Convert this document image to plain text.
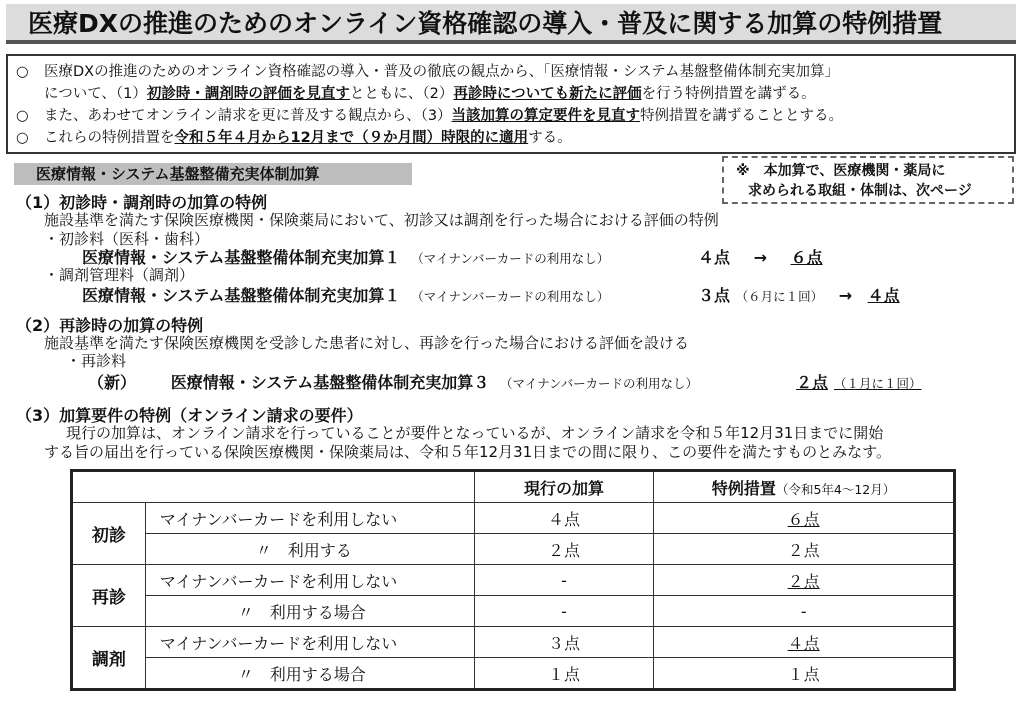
医療DXの推進のためのオンライン資格確認の導入・普及に関する加算の特例措置
○ 医療DXの推進のためのオンライン資格確認の導入・普及の徹底の観点から、「医療情報・システム基盤整備体制充実加算」
について、（1）初診時・調剤時の評価を見直すとともに、（2）再診時についても新たに評価を行う特例措置を講ずる。
○ また、あわせてオンライン請求を更に普及する観点から、（3）当該加算の算定要件を見直す特例措置を講ずることとする。
○ これらの特例措置を令和５年４月から12月まで（９か月間）時限的に適用する。
医療情報・システム基盤整備充実体制加算	※　本加算で、医療機関・薬局に
求められる取組・体制は、次ページ
（1）初診時・調剤時の加算の特例
施設基準を満たす保険医療機関・保険薬局において、初診又は調剤を行った場合における評価の特例
・初診料（医科・歯科）
医療情報・システム基盤整備体制充実加算１ （マイナンバーカードの利用なし）	４点 → ６点
・調剤管理料（調剤）
医療情報・システム基盤整備体制充実加算１ （マイナンバーカードの利用なし）	３点 （６月に１回） → ４点
（2）再診時の加算の特例
施設基準を満たす保険医療機関を受診した患者に対し、再診を行った場合における評価を設ける
・再診料
（新） 医療情報・システム基盤整備体制充実加算３ （マイナンバーカードの利用なし）	２点 （１月に１回）
（3）加算要件の特例（オンライン請求の要件）
現行の加算は、オンライン請求を行っていることが要件となっているが、オンライン請求を令和５年12月31日までに開始
する旨の届出を行っている保険医療機関・保険薬局は、令和５年12月31日までの間に限り、この要件を満たすものとみなす。
		現行の加算	特例措置（令和5年4～12月）
初診	マイナンバーカードを利用しない	４点	６点
	〃　利用する	２点	２点
再診	マイナンバーカードを利用しない	-	２点
	〃　利用する場合	-	-
調剤	マイナンバーカードを利用しない	３点	４点
	〃　利用する場合	１点	１点
